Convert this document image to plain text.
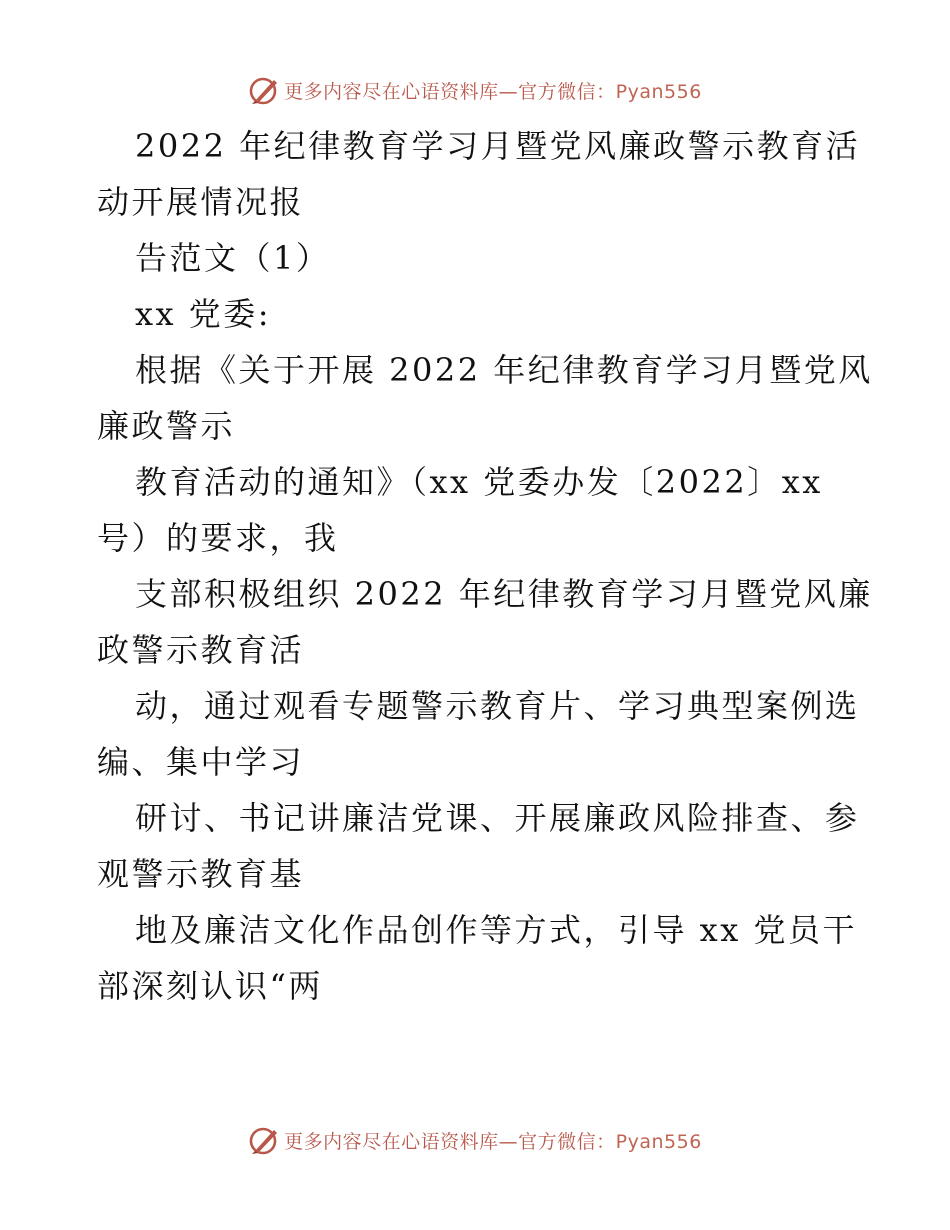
更多内容尽在心语资料库—官方微信：Pyan556
2022 年纪律教育学习月暨党风廉政警示教育活
动开展情况报
告范文（1）
xx 党委:
根据《关于开展 2022 年纪律教育学习月暨党风
廉政警示
教育活动的通知》（xx 党委办发〔2022〕xx
号）的要求，我
支部积极组织 2022 年纪律教育学习月暨党风廉
政警示教育活
动，通过观看专题警示教育片、学习典型案例选
编、集中学习
研讨、书记讲廉洁党课、开展廉政风险排查、参
观警示教育基
地及廉洁文化作品创作等方式，引导 xx 党员干
部深刻认识“两
更多内容尽在心语资料库—官方微信：Pyan556
